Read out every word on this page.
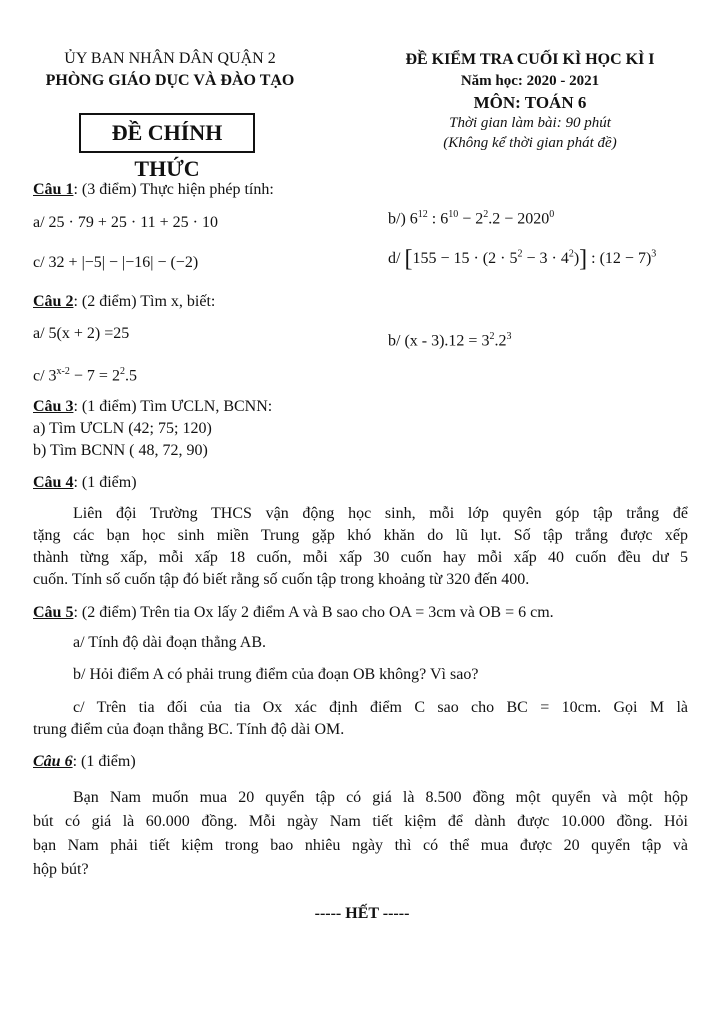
ỦY BAN NHÂN DÂN QUẬN 2
PHÒNG GIÁO DỤC VÀ ĐÀO TẠO
ĐỀ CHÍNH THỨC
ĐỀ KIỂM TRA CUỐI KÌ HỌC KÌ I
Năm học: 2020 - 2021
MÔN: TOÁN 6
Thời gian làm bài: 90 phút
(Không kể thời gian phát đề)
Câu 1: (3 điểm) Thực hiện phép tính:
a/ 25 · 79 + 25 · 11 + 25 · 10	b/) $6^{12}$ : $6^{10} - 2^2.2 - 2020^0$
c/ 32 + |−5| − |−16| − (−2)	d/ $[155 - 15 \cdot (2 \cdot 5^2 - 3 \cdot 4^2)]$ : $(12 - 7)^3$
Câu 2: (2 điểm) Tìm x, biết:
a/ 5(x + 2) =25	b/ $(x - 3).12 = 3^2.2^3$
c/ $3^{x-2} - 7 = 2^2.5$
Câu 3: (1 điểm) Tìm ƯCLN, BCNN:
a) Tìm ƯCLN (42; 75; 120)
b) Tìm BCNN ( 48, 72, 90)
Câu 4: (1 điểm)
Liên đội Trường THCS vận động học sinh, mỗi lớp quyên góp tập trắng để
tặng các bạn học sinh miền Trung gặp khó khăn do lũ lụt. Số tập trắng được xếp
thành từng xấp, mỗi xấp 18 cuốn, mỗi xấp 30 cuốn hay mỗi xấp 40 cuốn đều dư 5
cuốn. Tính số cuốn tập đó biết rằng số cuốn tập trong khoảng từ 320 đến 400.
Câu 5: (2 điểm) Trên tia Ox lấy 2 điểm A và B sao cho OA = 3cm và OB = 6 cm.
a/ Tính độ dài đoạn thẳng AB.
b/ Hỏi điểm A có phải trung điểm của đoạn OB không? Vì sao?
c/ Trên tia đối của tia Ox xác định điểm C sao cho BC = 10cm. Gọi M là
trung điểm của đoạn thẳng BC. Tính độ dài OM.
Câu 6: (1 điểm)
Bạn Nam muốn mua 20 quyển tập có giá là 8.500 đồng một quyển và một hộp
bút có giá là 60.000 đồng. Mỗi ngày Nam tiết kiệm để dành được 10.000 đồng. Hỏi
bạn Nam phải tiết kiệm trong bao nhiêu ngày thì có thể mua được 20 quyển tập và
hộp bút?
----- HẾT -----
